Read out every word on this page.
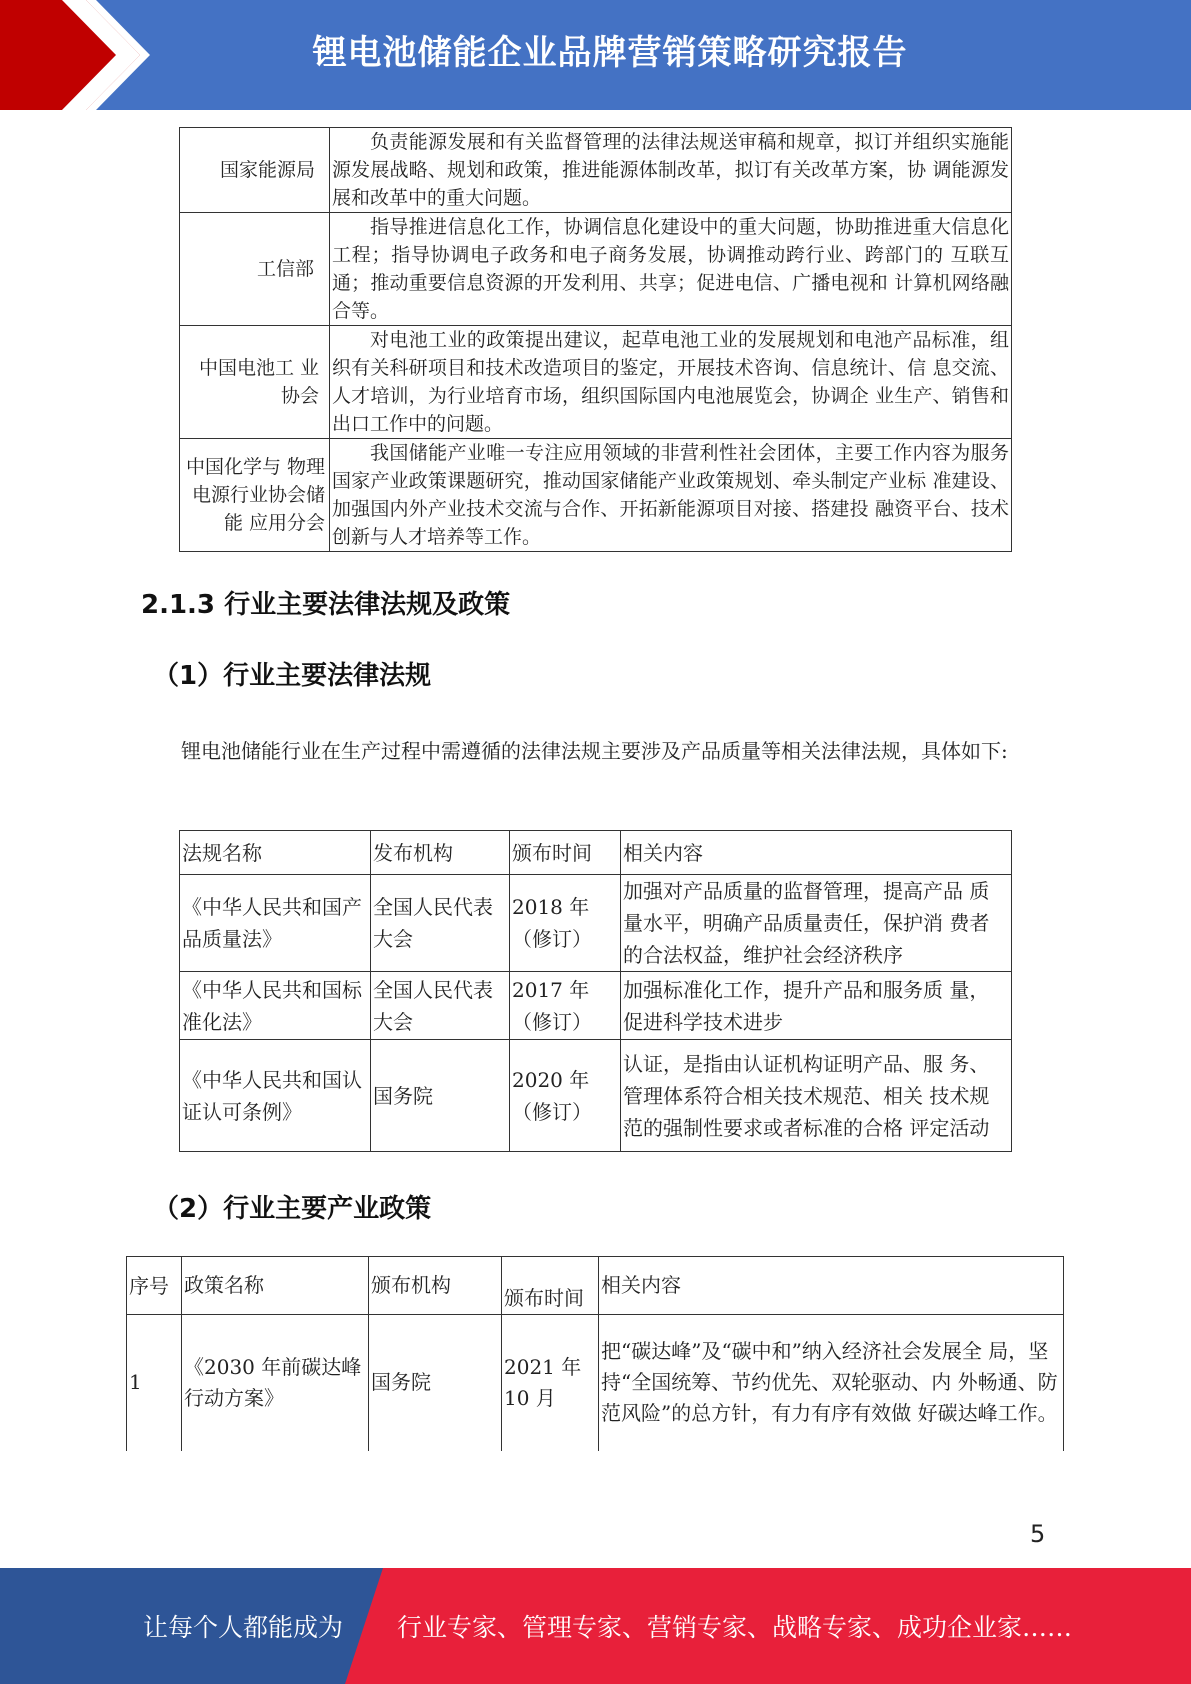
锂电池储能企业品牌营销策略研究报告
国家能源局	负责能源发展和有关监督管理的法律法规送审稿和规章，拟订并组织实施能源发展战略、规划和政策，推进能源体制改革，拟订有关改革方案，协 调能源发展和改革中的重大问题。
工信部	指导推进信息化工作，协调信息化建设中的重大问题，协助推进重大信息化工程；指导协调电子政务和电子商务发展，协调推动跨行业、跨部门的 互联互通；推动重要信息资源的开发利用、共享；促进电信、广播电视和 计算机网络融合等。
中国电池工 业协会	对电池工业的政策提出建议，起草电池工业的发展规划和电池产品标准，组织有关科研项目和技术改造项目的鉴定，开展技术咨询、信息统计、信 息交流、人才培训，为行业培育市场，组织国际国内电池展览会，协调企 业生产、销售和出口工作中的问题。
中国化学与 物理电源行业协会储能 应用分会	我国储能产业唯一专注应用领域的非营利性社会团体，主要工作内容为服务国家产业政策课题研究，推动国家储能产业政策规划、牵头制定产业标 准建设、加强国内外产业技术交流与合作、开拓新能源项目对接、搭建投 融资平台、技术创新与人才培养等工作。
2.1.3 行业主要法律法规及政策
（1）行业主要法律法规
锂电池储能行业在生产过程中需遵循的法律法规主要涉及产品质量等相关法律法规，具体如下:
法规名称	发布机构	颁布时间	相关内容
《中华人民共和国产品质量法》	全国人民代表大会	2018 年（修订）	加强对产品质量的监督管理，提高产品 质量水平，明确产品质量责任，保护消 费者的合法权益，维护社会经济秩序
《中华人民共和国标准化法》	全国人民代表大会	2017 年（修订）	加强标准化工作，提升产品和服务质 量，促进科学技术进步
《中华人民共和国认证认可条例》	国务院	2020 年（修订）	认证，是指由认证机构证明产品、服 务、管理体系符合相关技术规范、相关 技术规范的强制性要求或者标准的合格 评定活动
（2）行业主要产业政策
序号	政策名称	颁布机构	颁布时间	相关内容
1	《2030 年前碳达峰行动方案》	国务院	2021 年 10 月	把“碳达峰”及“碳中和”纳入经济社会发展全 局，坚持“全国统筹、节约优先、双轮驱动、内 外畅通、防范风险”的总方针，有力有序有效做 好碳达峰工作。
5
让每个人都能成为 行业专家、管理专家、营销专家、战略专家、成功企业家……
